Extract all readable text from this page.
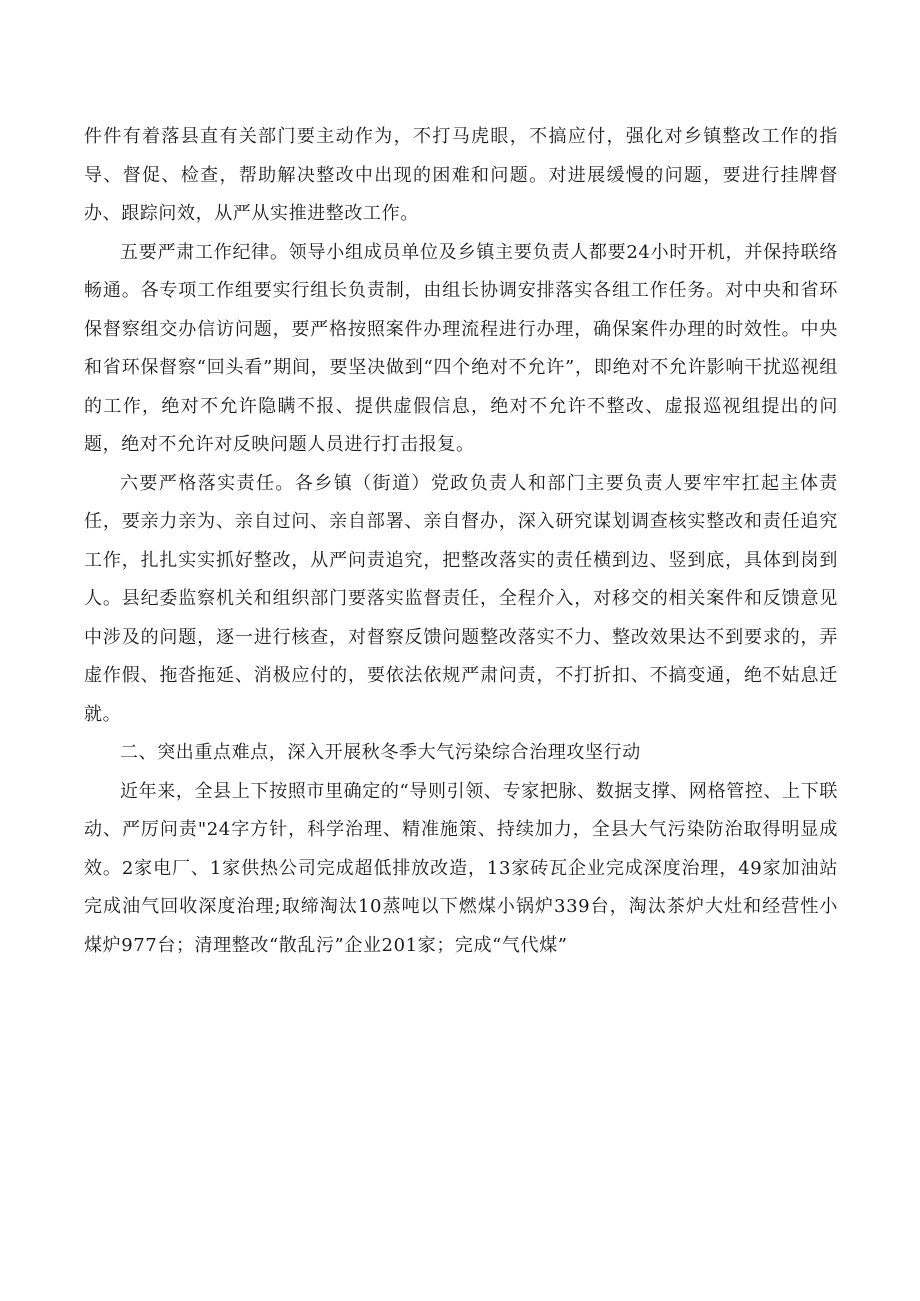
件件有着落县直有关部门要主动作为，不打马虎眼，不搞应付，强化对乡镇整改工作的指导、督促、检查，帮助解决整改中出现的困难和问题。对进展缓慢的问题，要进行挂牌督办、跟踪问效，从严从实推进整改工作。

五要严肃工作纪律。领导小组成员单位及乡镇主要负责人都要24小时开机，并保持联络畅通。各专项工作组要实行组长负责制，由组长协调安排落实各组工作任务。对中央和省环保督察组交办信访问题，要严格按照案件办理流程进行办理，确保案件办理的时效性。中央和省环保督察“回头看”期间，要坚决做到“四个绝对不允许”，即绝对不允许影响干扰巡视组的工作，绝对不允许隐瞒不报、提供虚假信息，绝对不允许不整改、虚报巡视组提出的问题，绝对不允许对反映问题人员进行打击报复。

六要严格落实责任。各乡镇（街道）党政负责人和部门主要负责人要牢牢扛起主体责任，要亲力亲为、亲自过问、亲自部署、亲自督办，深入研究谋划调查核实整改和责任追究工作，扎扎实实抓好整改，从严问责追究，把整改落实的责任横到边、竖到底，具体到岗到人。县纪委监察机关和组织部门要落实监督责任，全程介入，对移交的相关案件和反馈意见中涉及的问题，逐一进行核查，对督察反馈问题整改落实不力、整改效果达不到要求的，弄虚作假、拖沓拖延、消极应付的，要依法依规严肃问责，不打折扣、不搞变通，绝不姑息迁就。

二、突出重点难点，深入开展秋冬季大气污染综合治理攻坚行动

近年来，全县上下按照市里确定的“导则引领、专家把脉、数据支撑、网格管控、上下联动、严厉问责"24字方针，科学治理、精准施策、持续加力，全县大气污染防治取得明显成效。2家电厂、1家供热公司完成超低排放改造，13家砖瓦企业完成深度治理，49家加油站完成油气回收深度治理;取缔淘汰10蒸吨以下燃煤小锅炉339台，淘汰茶炉大灶和经营性小煤炉977台；清理整改“散乱污”企业201家；完成“气代煤”
